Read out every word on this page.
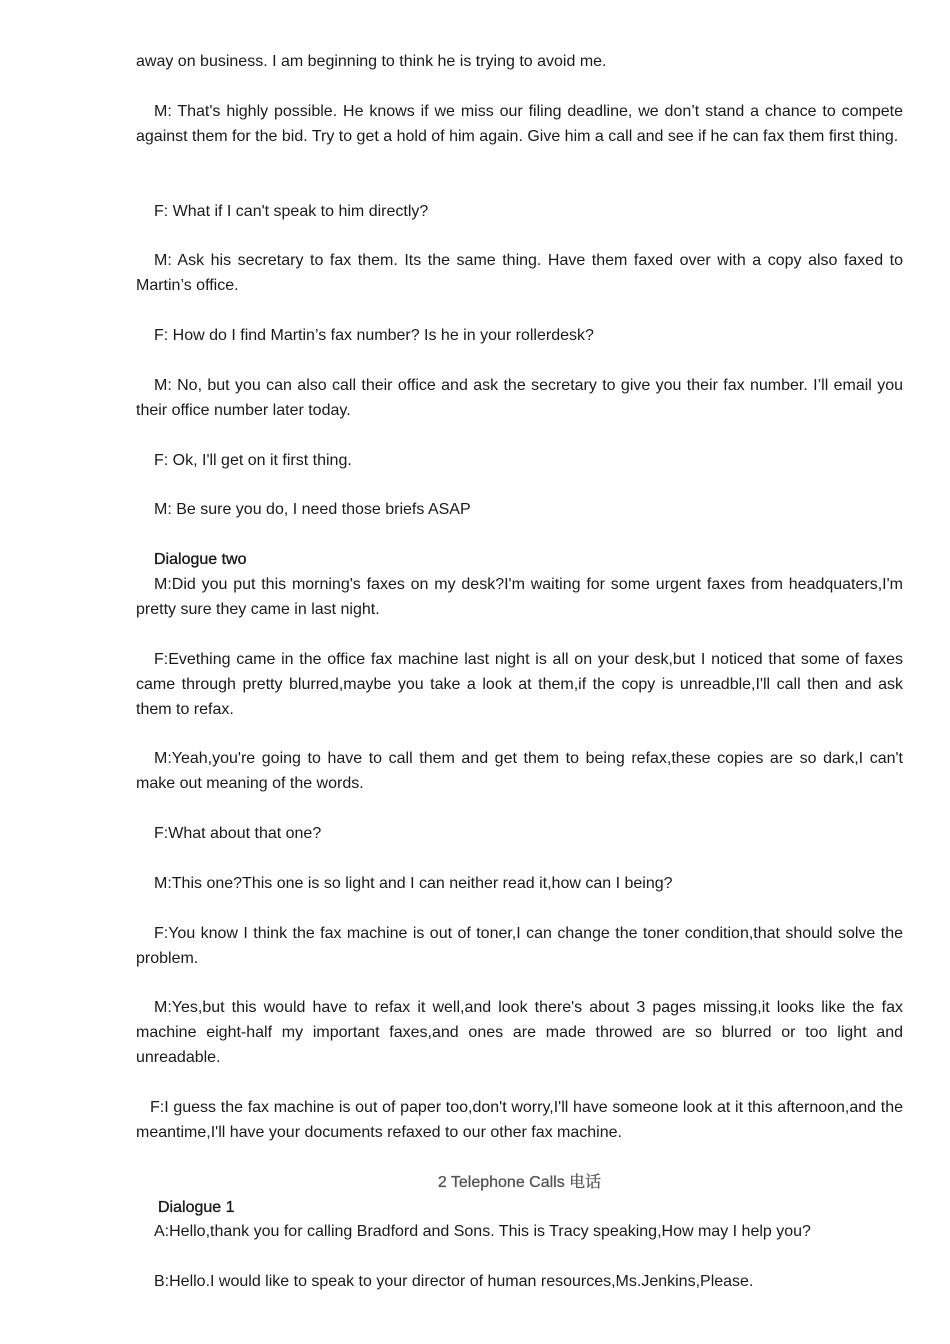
away on business. I am beginning to think he is trying to avoid me.

M: That's highly possible. He knows if we miss our filing deadline, we don’t stand a chance to compete against them for the bid. Try to get a hold of him again. Give him a call and see if he can fax them first thing.

F: What if I can't speak to him directly?

M: Ask his secretary to fax them. Its the same thing. Have them faxed over with a copy also faxed to Martin’s office.

F: How do I find Martin’s fax number? Is he in your rollerdesk?

M: No, but you can also call their office and ask the secretary to give you their fax number. I’ll email you their office number later today.

F: Ok, I'll get on it first thing.

M: Be sure you do, I need those briefs ASAP

Dialogue two

M:Did you put this morning's faxes on my desk?I'm waiting for some urgent faxes from headquaters,I'm pretty sure they came in last night.

F:Evething came in the office fax machine last night is all on your desk,but I noticed that some of faxes came through pretty blurred,maybe you take a look at them,if the copy is unreadble,I'll call then and ask them to refax.

M:Yeah,you're going to have to call them and get them to being refax,these copies are so dark,I can't make out meaning of the words.

F:What about that one?

M:This one?This one is so light and I can neither read it,how can I being?

F:You know I think the fax machine is out of toner,I can change the toner condition,that should solve the problem.

M:Yes,but this would have to refax it well,and look there's about 3 pages missing,it looks like the fax machine eight-half my important faxes,and ones are made throwed are so blurred or too light and unreadable.

F:I guess the fax machine is out of paper too,don't worry,I'll have someone look at it this afternoon,and the meantime,I'll have your documents refaxed to our other fax machine.

2 Telephone Calls 电话

Dialogue 1

A:Hello,thank you for calling Bradford and Sons. This is Tracy speaking,How may I help you?

B:Hello.I would like to speak to your director of human resources,Ms.Jenkins,Please.
